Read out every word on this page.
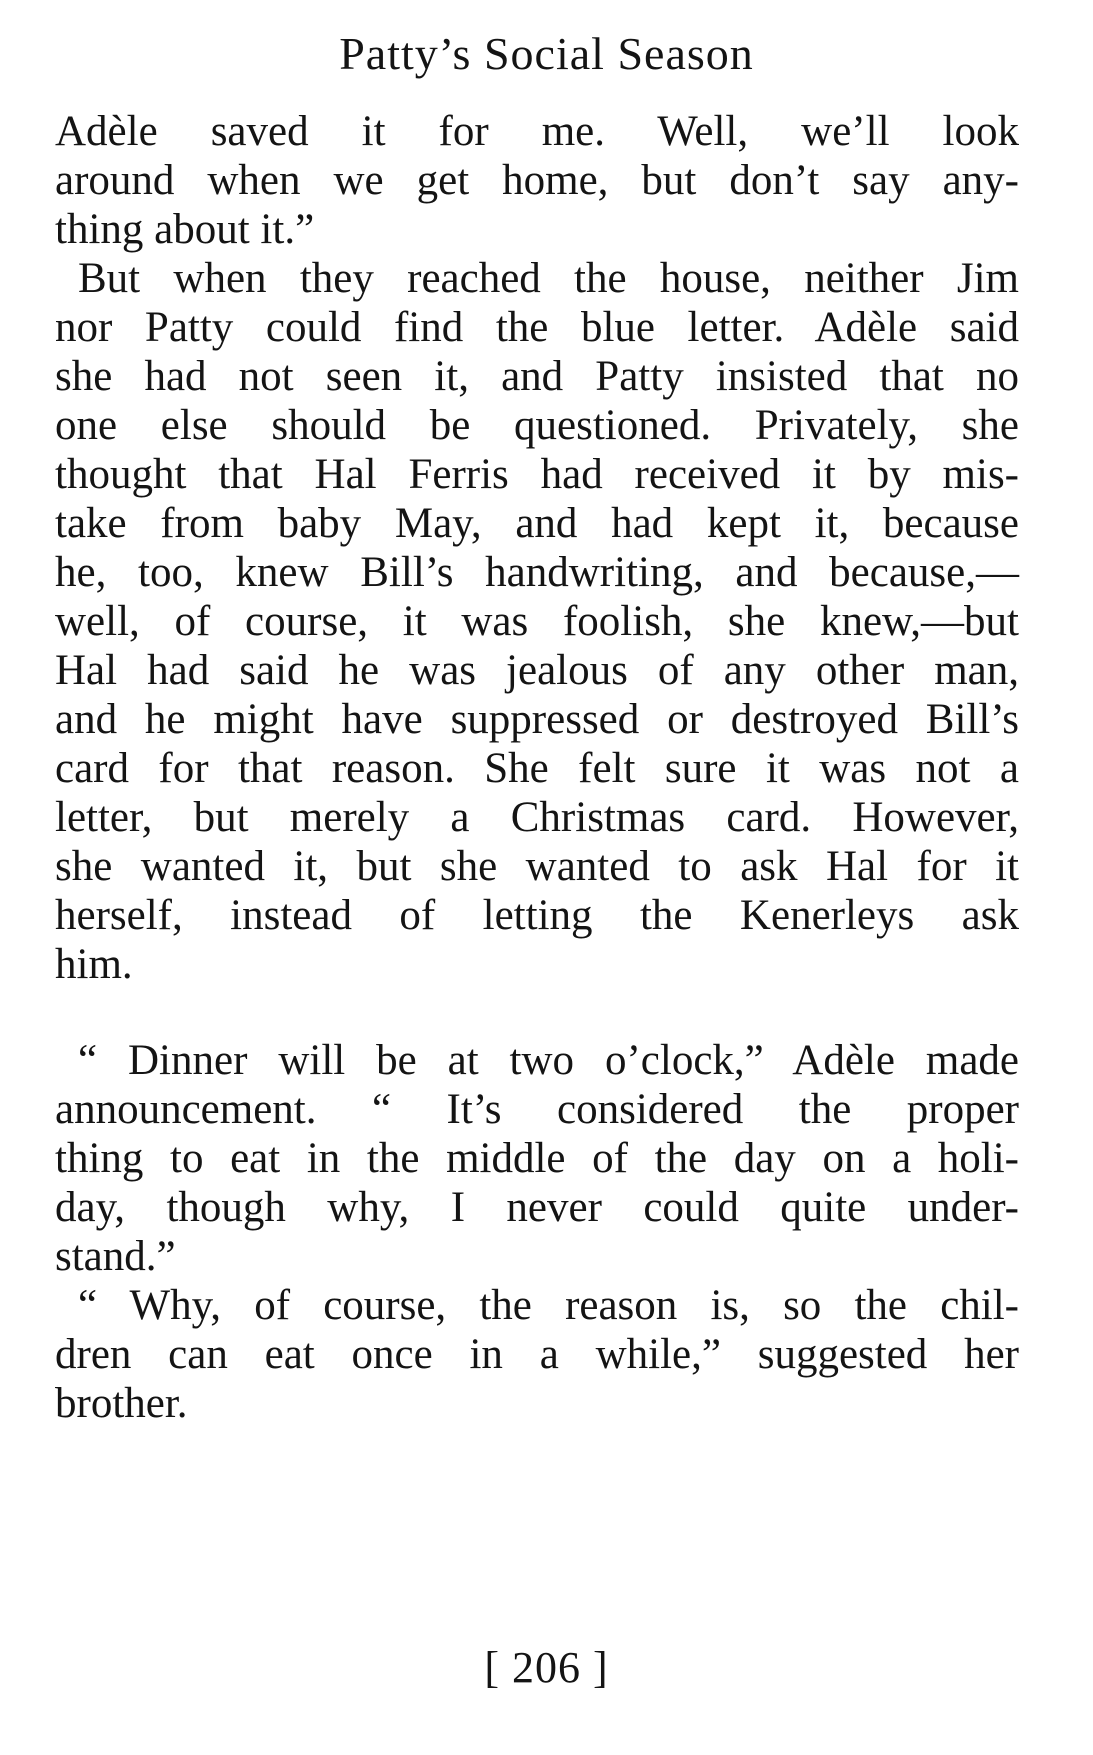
Patty’s Social Season
Adèle saved it for me. Well, we’ll look
around when we get home, but don’t say any-
thing about it.”
But when they reached the house, neither Jim
nor Patty could find the blue letter. Adèle said
she had not seen it, and Patty insisted that no
one else should be questioned. Privately, she
thought that Hal Ferris had received it by mis-
take from baby May, and had kept it, because
he, too, knew Bill’s handwriting, and because,—
well, of course, it was foolish, she knew,—but
Hal had said he was jealous of any other man,
and he might have suppressed or destroyed Bill’s
card for that reason. She felt sure it was not a
letter, but merely a Christmas card. However,
she wanted it, but she wanted to ask Hal for it
herself, instead of letting the Kenerleys ask
him.
“ Dinner will be at two o’clock,” Adèle made
announcement. “ It’s considered the proper
thing to eat in the middle of the day on a holi-
day, though why, I never could quite under-
stand.”
“ Why, of course, the reason is, so the chil-
dren can eat once in a while,” suggested her
brother.
[ 206 ]
